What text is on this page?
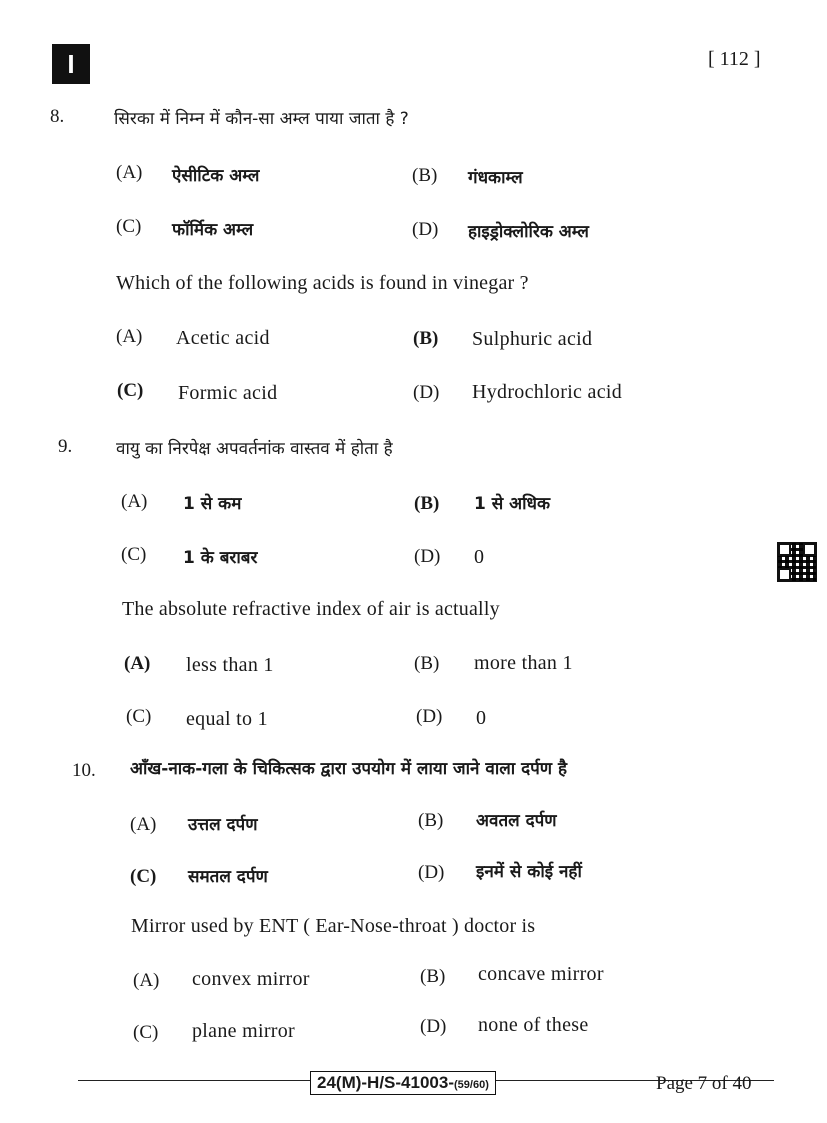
I	[ 112 ]
8.	सिरका में निम्न में कौन-सा अम्ल पाया जाता है ?
(A) ऐसीटिक अम्ल	(B) गंधकाम्ल
(C) फॉर्मिक अम्ल	(D) हाइड्रोक्लोरिक अम्ल
Which of the following acids is found in vinegar ?
(A) Acetic acid	(B) Sulphuric acid
(C) Formic acid	(D) Hydrochloric acid
9.	वायु का निरपेक्ष अपवर्तनांक वास्तव में होता है
(A) 1 से कम	(B) 1 से अधिक
(C) 1 के बराबर	(D) 0
The absolute refractive index of air is actually
(A) less than 1	(B) more than 1
(C) equal to 1	(D) 0
10. आँख-नाक-गला के चिकित्सक द्वारा उपयोग में लाया जाने वाला दर्पण है
(A) उत्तल दर्पण	(B) अवतल दर्पण
(C) समतल दर्पण	(D) इनमें से कोई नहीं
Mirror used by ENT ( Ear-Nose-throat ) doctor is
(A) convex mirror	(B) concave mirror
(C) plane mirror	(D) none of these
24(M)-H/S-41003-(59/60)	Page 7 of 40
